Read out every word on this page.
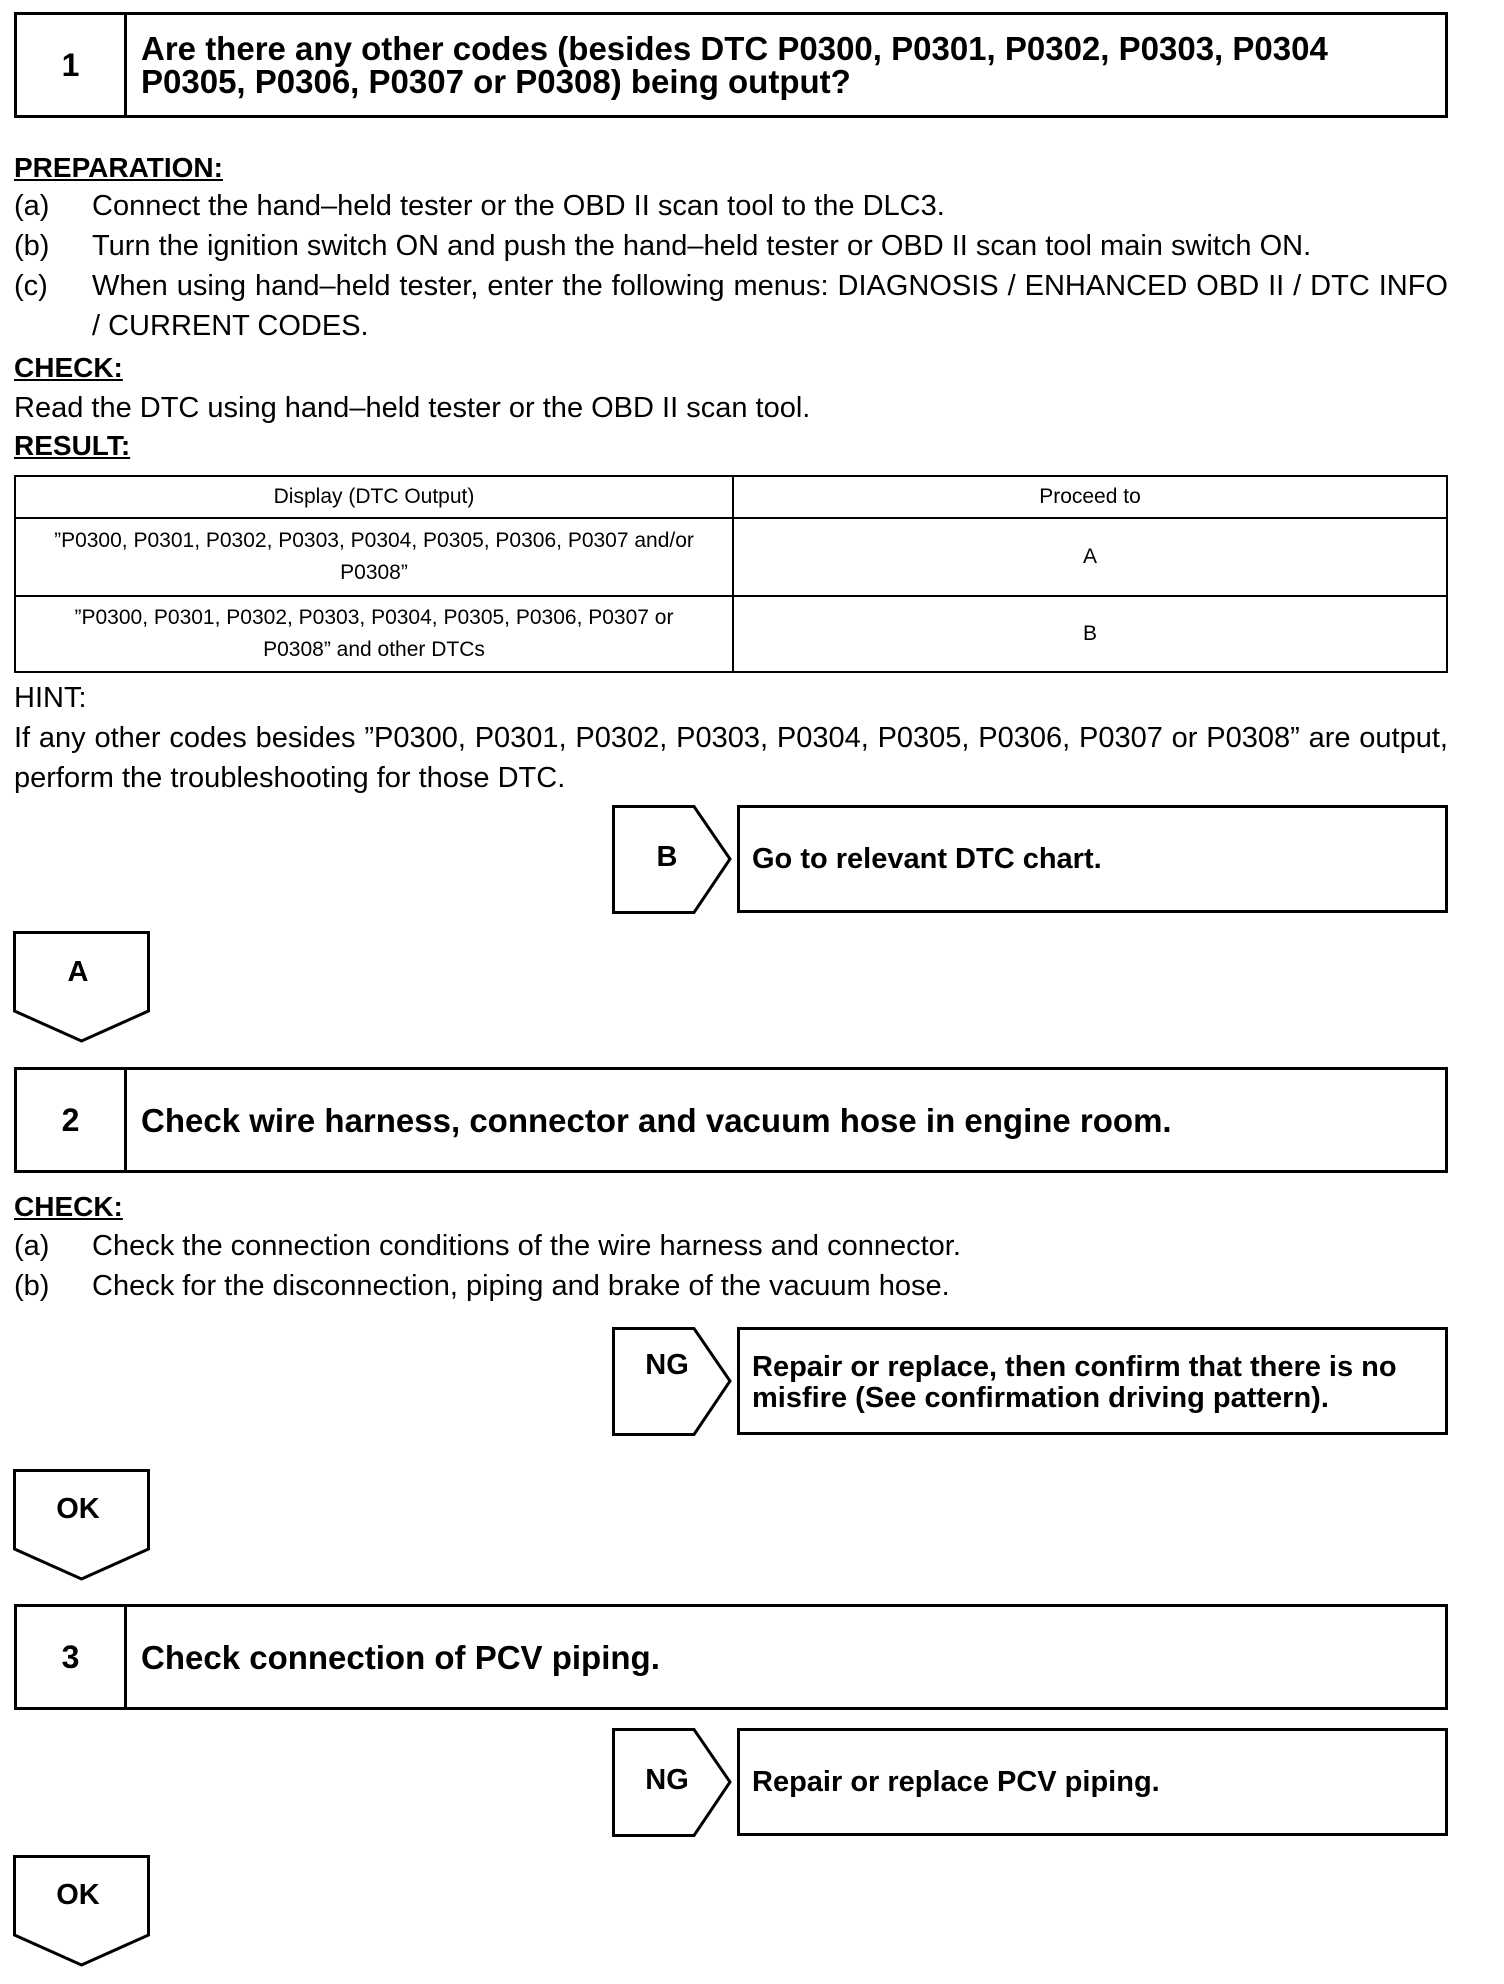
1	Are there any other codes (besides DTC P0300, P0301, P0302, P0303, P0304
P0305, P0306, P0307 or P0308) being output?
PREPARATION:
(a) Connect the hand–held tester or the OBD II scan tool to the DLC3.
(b) Turn the ignition switch ON and push the hand–held tester or OBD II scan tool main switch ON.
(c) When using hand–held tester, enter the following menus: DIAGNOSIS / ENHANCED OBD II / DTC INFO / CURRENT CODES.
CHECK:
Read the DTC using hand–held tester or the OBD II scan tool.
RESULT:
Display (DTC Output)	Proceed to
”P0300, P0301, P0302, P0303, P0304, P0305, P0306, P0307 and/or
P0308”	A
”P0300, P0301, P0302, P0303, P0304, P0305, P0306, P0307 or
P0308” and other DTCs	B
HINT:
If any other codes besides ”P0300, P0301, P0302, P0303, P0304, P0305, P0306, P0307 or P0308” are output, perform the troubleshooting for those DTC.
B	Go to relevant DTC chart.
A
2	Check wire harness, connector and vacuum hose in engine room.
CHECK:
(a) Check the connection conditions of the wire harness and connector.
(b) Check for the disconnection, piping and brake of the vacuum hose.
NG	Repair or replace, then confirm that there is no
misfire (See confirmation driving pattern).
OK
3	Check connection of PCV piping.
NG	Repair or replace PCV piping.
OK
